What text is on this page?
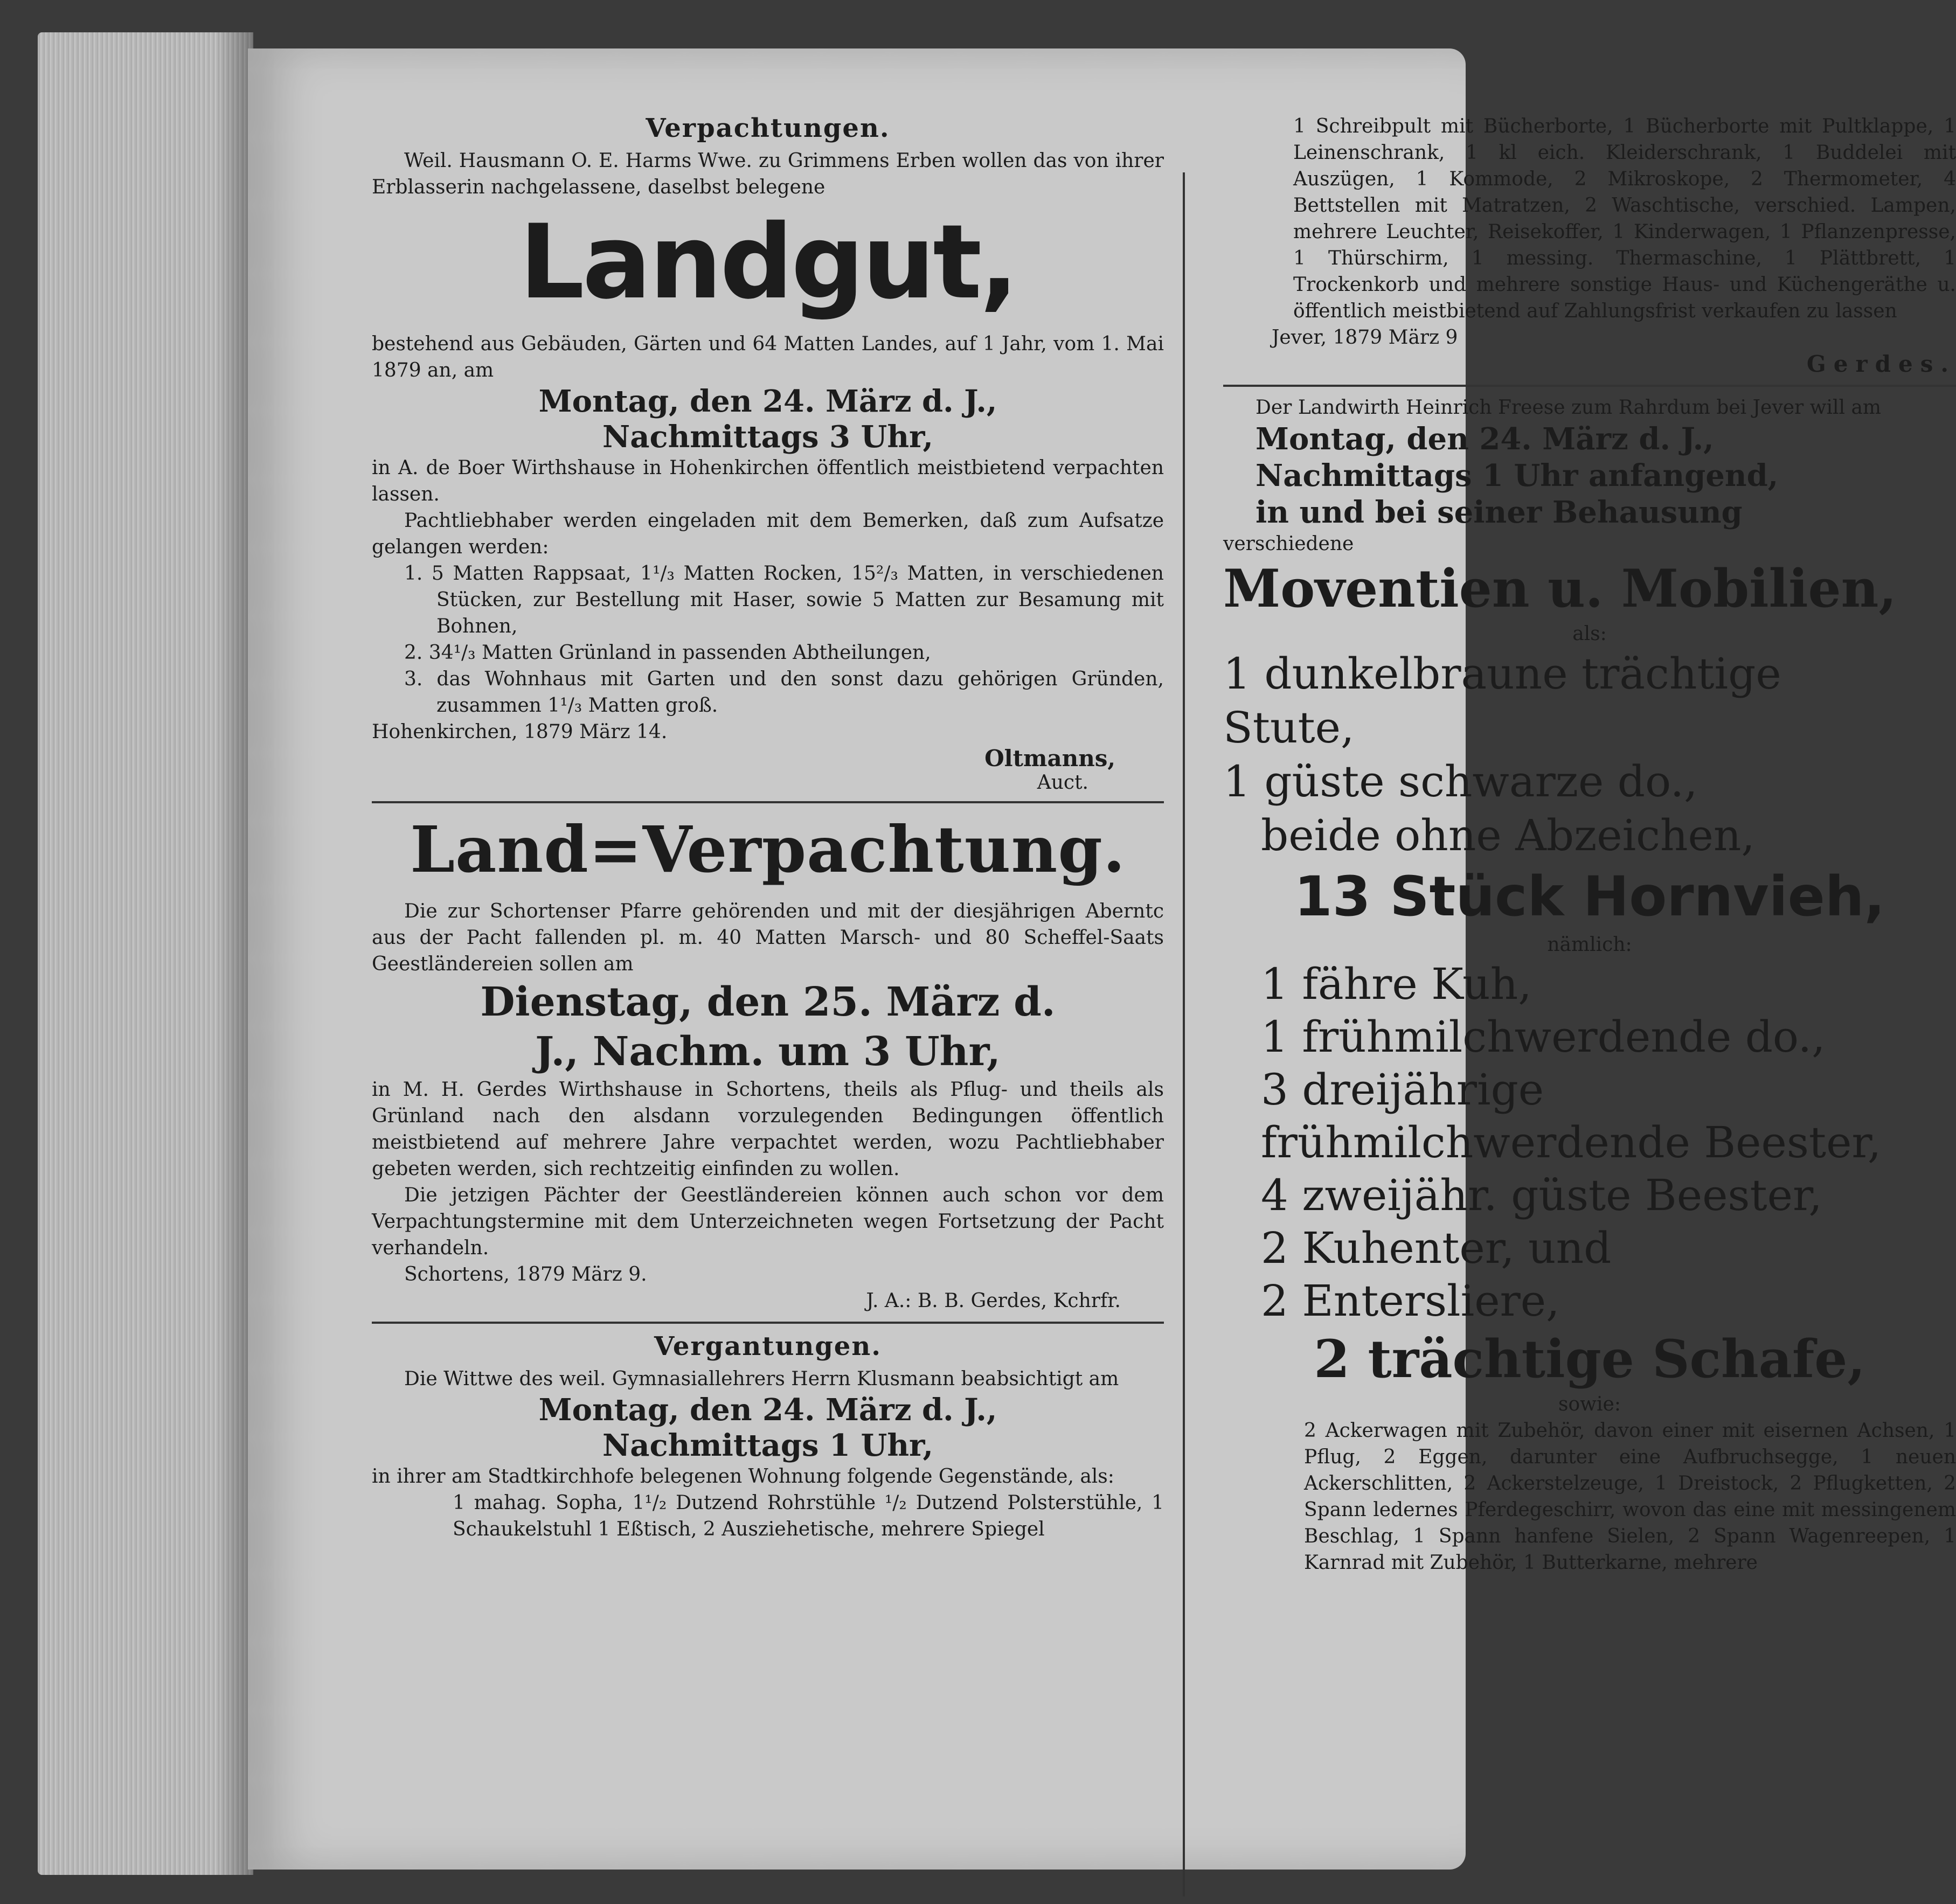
Verpachtungen.

Weil. Hausmann O. E. Harms Wwe. zu Grimmens Erben wollen das von ihrer Erblasserin nachgelassene, daselbst belegene

Landgut,

bestehend aus Gebäuden, Gärten und 64 Matten Landes, auf 1 Jahr, vom 1. Mai 1879 an, am

Montag, den 24. März d. J.,

Nachmittags 3 Uhr,

in A. de Boer Wirthshause in Hohenkirchen öffentlich meistbietend verpachten lassen.

Pachtliebhaber werden eingeladen mit dem Bemerken, daß zum Aufsatze gelangen werden:

1. 5 Matten Rappsaat, 1¹/₃ Matten Rocken, 15²/₃ Matten, in verschiedenen Stücken, zur Bestellung mit Haser, sowie 5 Matten zur Besamung mit Bohnen,

2. 34¹/₃ Matten Grünland in passenden Abtheilungen,

3. das Wohnhaus mit Garten und den sonst dazu gehörigen Gründen, zusammen 1¹/₃ Matten groß.

Hohenkirchen, 1879 März 14.

Oltmanns,

Auct.

Land=Verpachtung.

Die zur Schortenser Pfarre gehörenden und mit der diesjährigen Aberntc aus der Pacht fallenden pl. m. 40 Matten Marsch- und 80 Scheffel-Saats Geestländereien sollen am

Dienstag, den 25. März d.

J., Nachm. um 3 Uhr,

in M. H. Gerdes Wirthshause in Schortens, theils als Pflug- und theils als Grünland nach den alsdann vorzulegenden Bedingungen öffentlich meistbietend auf mehrere Jahre verpachtet werden, wozu Pachtliebhaber gebeten werden, sich rechtzeitig einfinden zu wollen.

Die jetzigen Pächter der Geestländereien können auch schon vor dem Verpachtungstermine mit dem Unterzeichneten wegen Fortsetzung der Pacht verhandeln.

Schortens, 1879 März 9.

J. A.: B. B. Gerdes, Kchrfr.

Vergantungen.

Die Wittwe des weil. Gymnasiallehrers Herrn Klusmann beabsichtigt am

Montag, den 24. März d. J.,

Nachmittags 1 Uhr,

in ihrer am Stadtkirchhofe belegenen Wohnung folgende Gegenstände, als:

1 mahag. Sopha, 1¹/₂ Dutzend Rohrstühle ¹/₂ Dutzend Polsterstühle, 1 Schaukelstuhl 1 Eßtisch, 2 Ausziehetische, mehrere Spiegel

1 Schreibpult mit Bücherborte, 1 Bücherborte mit Pultklappe, 1 Leinenschrank, 1 kl eich. Kleiderschrank, 1 Buddelei mit Auszügen, 1 Kommode, 2 Mikroskope, 2 Thermometer, 4 Bettstellen mit Matratzen, 2 Waschtische, verschied. Lampen, mehrere Leuchter, Reisekoffer, 1 Kinderwagen, 1 Pflanzenpresse, 1 Thürschirm, 1 messing. Thermaschine, 1 Plättbrett, 1 Trockenkorb und mehrere sonstige Haus- und Küchengeräthe u. öffentlich meistbietend auf Zahlungsfrist verkaufen zu lassen

Jever, 1879 März 9

Gerdes.

Der Landwirth Heinrich Freese zum Rahrdum bei Jever will am

Montag, den 24. März d. J.,

Nachmittags 1 Uhr anfangend,

in und bei seiner Behausung

verschiedene

Moventien u. Mobilien,

als:

1 dunkelbraune trächtige

Stute,

1 güste schwarze do.,

beide ohne Abzeichen,

13 Stück Hornvieh,

nämlich:

1 fähre Kuh,

1 frühmilchwerdende do.,

3 dreijährige frühmilchwerdende Beester,

4 zweijähr. güste Beester,

2 Kuhenter, und

2 Entersliere,

2 trächtige Schafe,

sowie:

2 Ackerwagen mit Zubehör, davon einer mit eisernen Achsen, 1 Pflug, 2 Eggen, darunter eine Aufbruchsegge, 1 neuen Ackerschlitten, 2 Ackerstelzeuge, 1 Dreistock, 2 Pflugketten, 2 Spann ledernes Pferdegeschirr, wovon das eine mit messingenem Beschlag, 1 Spann hanfene Sielen, 2 Spann Wagenreepen, 1 Karnrad mit Zubehör, 1 Butterkarne, mehrere
